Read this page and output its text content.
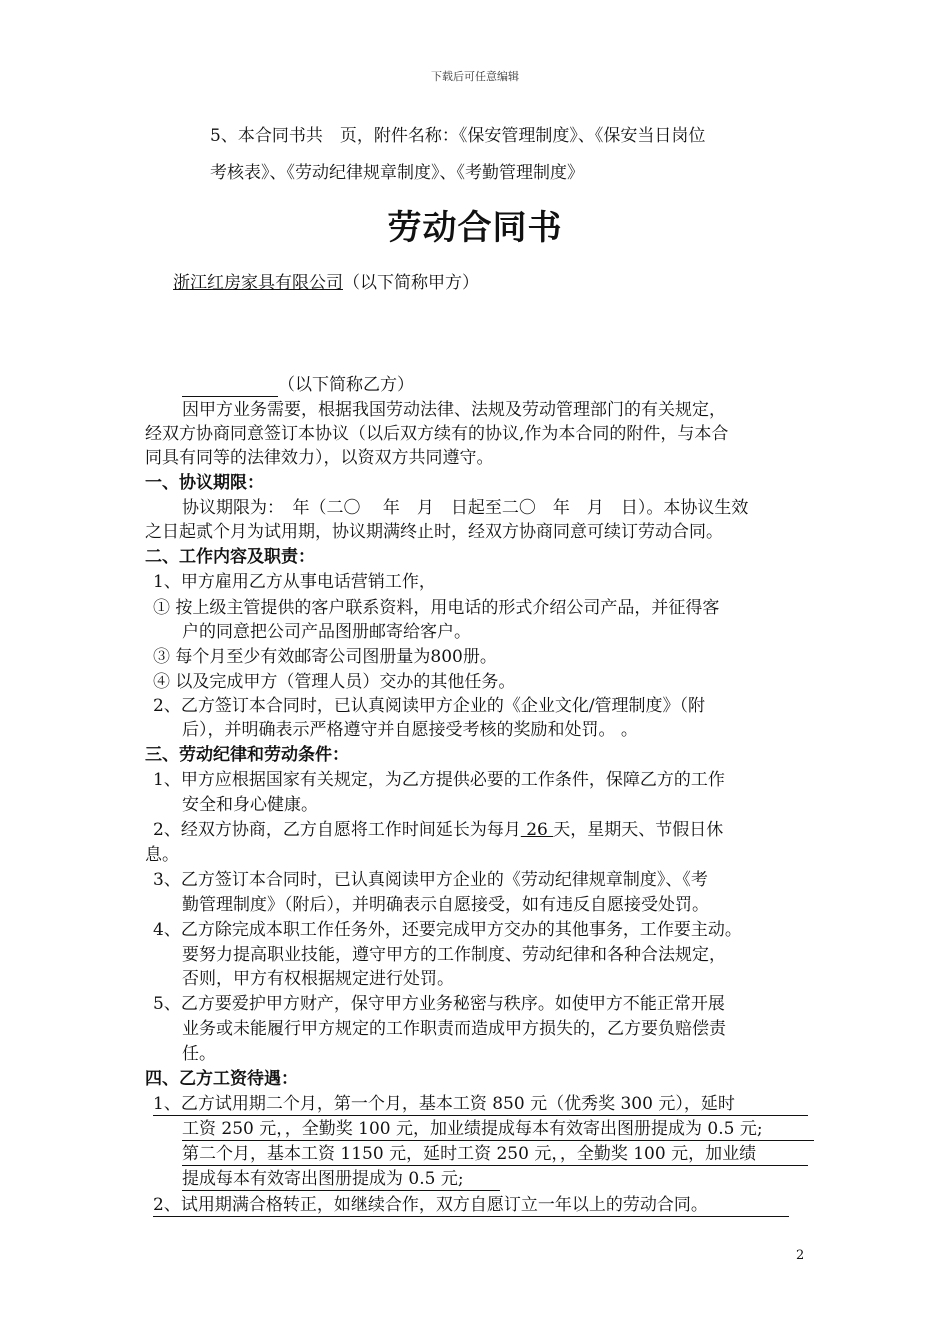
下载后可任意编辑
5、本合同书共　页，附件名称：《保安管理制度》、《保安当日岗位
考核表》、《劳动纪律规章制度》、《考勤管理制度》
劳动合同书
浙江红房家具有限公司（以下简称甲方）
（以下简称乙方）
因甲方业务需要，根据我国劳动法律、法规及劳动管理部门的有关规定，
经双方协商同意签订本协议（以后双方续有的协议,作为本合同的附件，与本合
同具有同等的法律效力），以资双方共同遵守。
一、协议期限：
协议期限为：　年（二〇　 年　月　日起至二〇　年　月　日）。本协议生效
之日起贰个月为试用期，协议期满终止时，经双方协商同意可续订劳动合同。
二、工作内容及职责：
1、甲方雇用乙方从事电话营销工作，
① 按上级主管提供的客户联系资料，用电话的形式介绍公司产品，并征得客
户的同意把公司产品图册邮寄给客户。
③ 每个月至少有效邮寄公司图册量为800册。
④ 以及完成甲方（管理人员）交办的其他任务。
2、乙方签订本合同时，已认真阅读甲方企业的《企业文化/管理制度》（附
后），并明确表示严格遵守并自愿接受考核的奖励和处罚。 。
三、劳动纪律和劳动条件：
1、甲方应根据国家有关规定，为乙方提供必要的工作条件，保障乙方的工作
安全和身心健康。
2、经双方协商，乙方自愿将工作时间延长为每月 26 天，星期天、节假日休
息。
3、乙方签订本合同时，已认真阅读甲方企业的《劳动纪律规章制度》、《考
勤管理制度》（附后），并明确表示自愿接受，如有违反自愿接受处罚。
4、乙方除完成本职工作任务外，还要完成甲方交办的其他事务，工作要主动。
要努力提高职业技能，遵守甲方的工作制度、劳动纪律和各种合法规定，
否则，甲方有权根据规定进行处罚。
5、乙方要爱护甲方财产，保守甲方业务秘密与秩序。如使甲方不能正常开展
业务或未能履行甲方规定的工作职责而造成甲方损失的，乙方要负赔偿责
任。
四、乙方工资待遇：
1、乙方试用期二个月，第一个月，基本工资 850 元（优秀奖 300 元），延时
工资 250 元，，全勤奖 100 元，加业绩提成每本有效寄出图册提成为 0.5 元;
第二个月，基本工资 1150 元，延时工资 250 元，，全勤奖 100 元，加业绩
提成每本有效寄出图册提成为 0.5 元;
2、试用期满合格转正，如继续合作，双方自愿订立一年以上的劳动合同。
2
